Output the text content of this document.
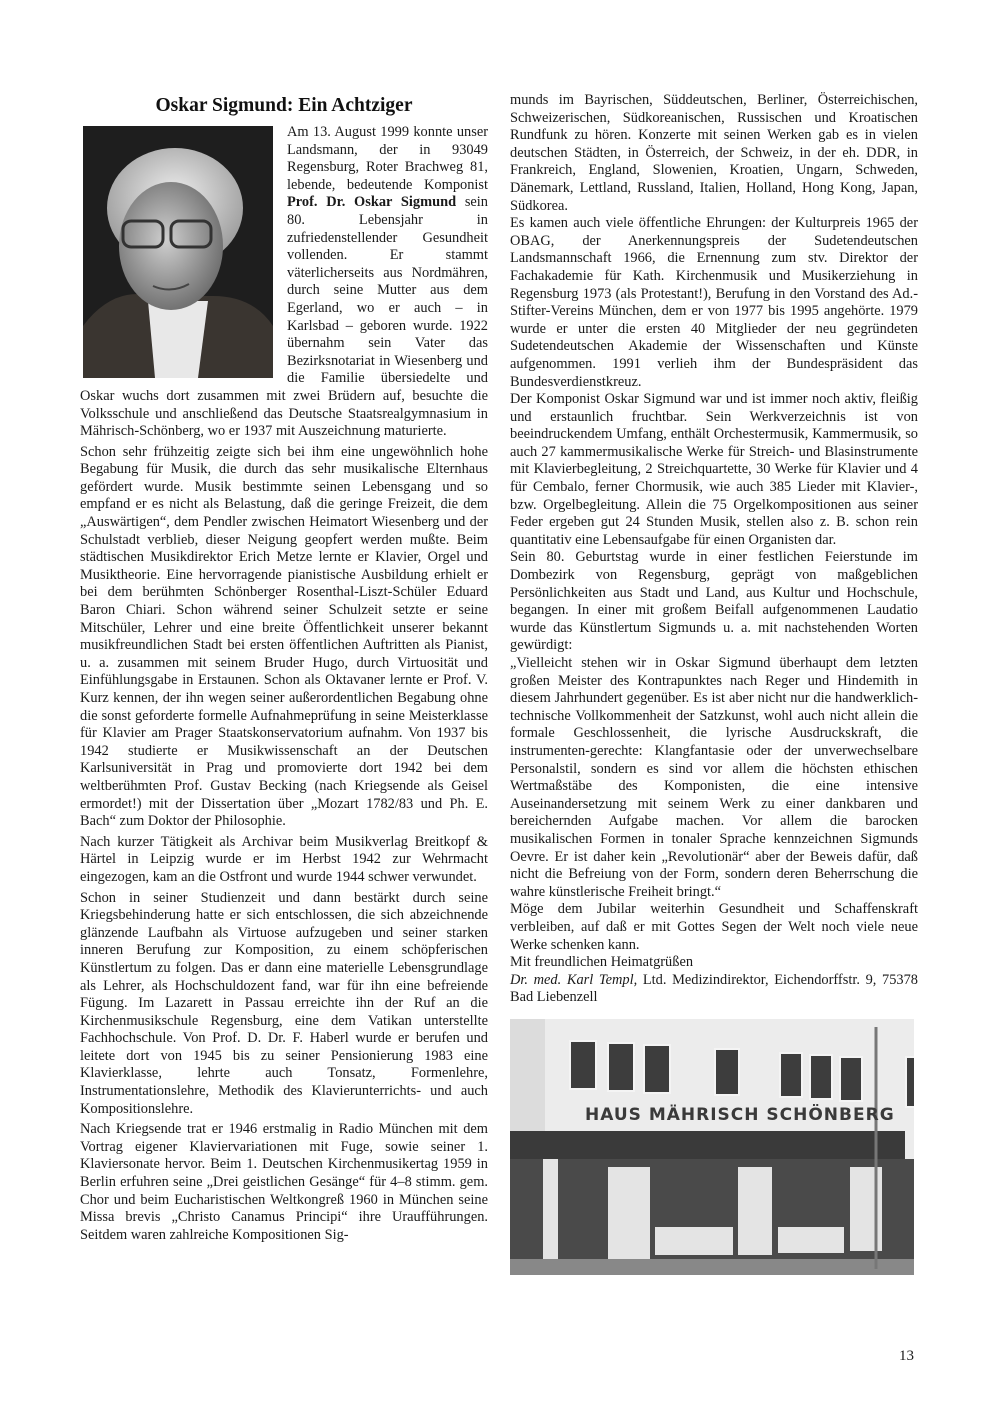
Oskar Sigmund: Ein Achtziger

Am 13. August 1999 konnte unser Landsmann, der in 93049 Regensburg, Roter Brachweg 81, lebende, bedeutende Komponist Prof. Dr. Oskar Sigmund sein 80. Lebensjahr in zufriedenstellender Gesundheit vollenden. Er stammt väterlicherseits aus Nordmähren, durch seine Mutter aus dem Egerland, wo er auch – in Karlsbad – geboren wurde. 1922 übernahm sein Vater das Bezirksnotariat in Wiesenberg und die Familie übersiedelte und Oskar wuchs dort zusammen mit zwei Brüdern auf, besuchte die Volksschule und anschließend das Deutsche Staatsrealgymnasium in Mährisch-Schönberg, wo er 1937 mit Auszeichnung maturierte.

Schon sehr frühzeitig zeigte sich bei ihm eine ungewöhnlich hohe Begabung für Musik, die durch das sehr musikalische Elternhaus gefördert wurde. Musik bestimmte seinen Lebensgang und so empfand er es nicht als Belastung, daß die geringe Freizeit, die dem „Auswärtigen“, dem Pendler zwischen Heimatort Wiesenberg und der Schulstadt verblieb, dieser Neigung geopfert werden mußte. Beim städtischen Musikdirektor Erich Metze lernte er Klavier, Orgel und Musiktheorie. Eine hervorragende pianistische Ausbildung erhielt er bei dem berühmten Schönberger Rosenthal-Liszt-Schüler Eduard Baron Chiari. Schon während seiner Schulzeit setzte er seine Mitschüler, Lehrer und eine breite Öffentlichkeit unserer bekannt musikfreundlichen Stadt bei ersten öffentlichen Auftritten als Pianist, u. a. zusammen mit seinem Bruder Hugo, durch Virtuosität und Einfühlungsgabe in Erstaunen. Schon als Oktavaner lernte er Prof. V. Kurz kennen, der ihn wegen seiner außerordentlichen Begabung ohne die sonst geforderte formelle Aufnahmeprüfung in seine Meisterklasse für Klavier am Prager Staatskonservatorium aufnahm. Von 1937 bis 1942 studierte er Musikwissenschaft an der Deutschen Karlsuniversität in Prag und promovierte dort 1942 bei dem weltberühmten Prof. Gustav Becking (nach Kriegsende als Geisel ermordet!) mit der Dissertation über „Mozart 1782/83 und Ph. E. Bach“ zum Doktor der Philosophie.

Nach kurzer Tätigkeit als Archivar beim Musikverlag Breitkopf & Härtel in Leipzig wurde er im Herbst 1942 zur Wehrmacht eingezogen, kam an die Ostfront und wurde 1944 schwer verwundet.

Schon in seiner Studienzeit und dann bestärkt durch seine Kriegsbehinderung hatte er sich entschlossen, die sich abzeichnende glänzende Laufbahn als Virtuose aufzugeben und seiner starken inneren Berufung zur Komposition, zu einem schöpferischen Künstlertum zu folgen. Das er dann eine materielle Lebensgrundlage als Lehrer, als Hochschuldozent fand, war für ihn eine befreiende Fügung. Im Lazarett in Passau erreichte ihn der Ruf an die Kirchenmusikschule Regensburg, eine dem Vatikan unterstellte Fachhochschule. Von Prof. D. Dr. F. Haberl wurde er berufen und leitete dort von 1945 bis zu seiner Pensionierung 1983 eine Klavierklasse, lehrte auch Tonsatz, Formenlehre, Instrumentationslehre, Methodik des Klavierunterrichts- und auch Kompositionslehre.

Nach Kriegsende trat er 1946 erstmalig in Radio München mit dem Vortrag eigener Klaviervariationen mit Fuge, sowie seiner 1. Klaviersonate hervor. Beim 1. Deutschen Kirchenmusikertag 1959 in Berlin erfuhren seine „Drei geistlichen Gesänge“ für 4–8 stimm. gem. Chor und beim Eucharistischen Weltkongreß 1960 in München seine Missa brevis „Christo Canamus Principi“ ihre Uraufführungen. Seitdem waren zahlreiche Kompositionen Sig-

munds im Bayrischen, Süddeutschen, Berliner, Österreichischen, Schweizerischen, Südkoreanischen, Russischen und Kroatischen Rundfunk zu hören. Konzerte mit seinen Werken gab es in vielen deutschen Städten, in Österreich, der Schweiz, in der eh. DDR, in Frankreich, England, Slowenien, Kroatien, Ungarn, Schweden, Dänemark, Lettland, Russland, Italien, Holland, Hong Kong, Japan, Südkorea.

Es kamen auch viele öffentliche Ehrungen: der Kulturpreis 1965 der OBAG, der Anerkennungspreis der Sudetendeutschen Landsmannschaft 1966, die Ernennung zum stv. Direktor der Fachakademie für Kath. Kirchenmusik und Musikerziehung in Regensburg 1973 (als Protestant!), Berufung in den Vorstand des Ad.-Stifter-Vereins München, dem er von 1977 bis 1995 angehörte. 1979 wurde er unter die ersten 40 Mitglieder der neu gegründeten Sudetendeutschen Akademie der Wissenschaften und Künste aufgenommen. 1991 verlieh ihm der Bundespräsident das Bundesverdienstkreuz.

Der Komponist Oskar Sigmund war und ist immer noch aktiv, fleißig und erstaunlich fruchtbar. Sein Werkverzeichnis ist von beeindruckendem Umfang, enthält Orchestermusik, Kammermusik, so auch 27 kammermusikalische Werke für Streich- und Blasinstrumente mit Klavierbegleitung, 2 Streichquartette, 30 Werke für Klavier und 4 für Cembalo, ferner Chormusik, wie auch 385 Lieder mit Klavier-, bzw. Orgelbegleitung. Allein die 75 Orgelkompositionen aus seiner Feder ergeben gut 24 Stunden Musik, stellen also z. B. schon rein quantitativ eine Lebensaufgabe für einen Organisten dar.

Sein 80. Geburtstag wurde in einer festlichen Feierstunde im Dombezirk von Regensburg, geprägt von maßgeblichen Persönlichkeiten aus Stadt und Land, aus Kultur und Hochschule, begangen. In einer mit großem Beifall aufgenommenen Laudatio wurde das Künstlertum Sigmunds u. a. mit nachstehenden Worten gewürdigt:

„Vielleicht stehen wir in Oskar Sigmund überhaupt dem letzten großen Meister des Kontrapunktes nach Reger und Hindemith in diesem Jahrhundert gegenüber. Es ist aber nicht nur die handwerklich-technische Vollkommenheit der Satzkunst, wohl auch nicht allein die formale Geschlossenheit, die lyrische Ausdruckskraft, die instrumenten-gerechte: Klangfantasie oder der unverwechselbare Personalstil, sondern es sind vor allem die höchsten ethischen Wertmaßstäbe des Komponisten, die eine intensive Auseinandersetzung mit seinem Werk zu einer dankbaren und bereichernden Aufgabe machen. Vor allem die barocken musikalischen Formen in tonaler Sprache kennzeichnen Sigmunds Oevre. Er ist daher kein „Revolutionär“ aber der Beweis dafür, daß nicht die Befreiung von der Form, sondern deren Beherrschung die wahre künstlerische Freiheit bringt.“

Möge dem Jubilar weiterhin Gesundheit und Schaffenskraft verbleiben, auf daß er mit Gottes Segen der Welt noch viele neue Werke schenken kann.

Mit freundlichen Heimatgrüßen

Dr. med. Karl Templ, Ltd. Medizindirektor, Eichendorffstr. 9, 75378 Bad Liebenzell

HAUS MÄHRISCH SCHÖNBERG
13
